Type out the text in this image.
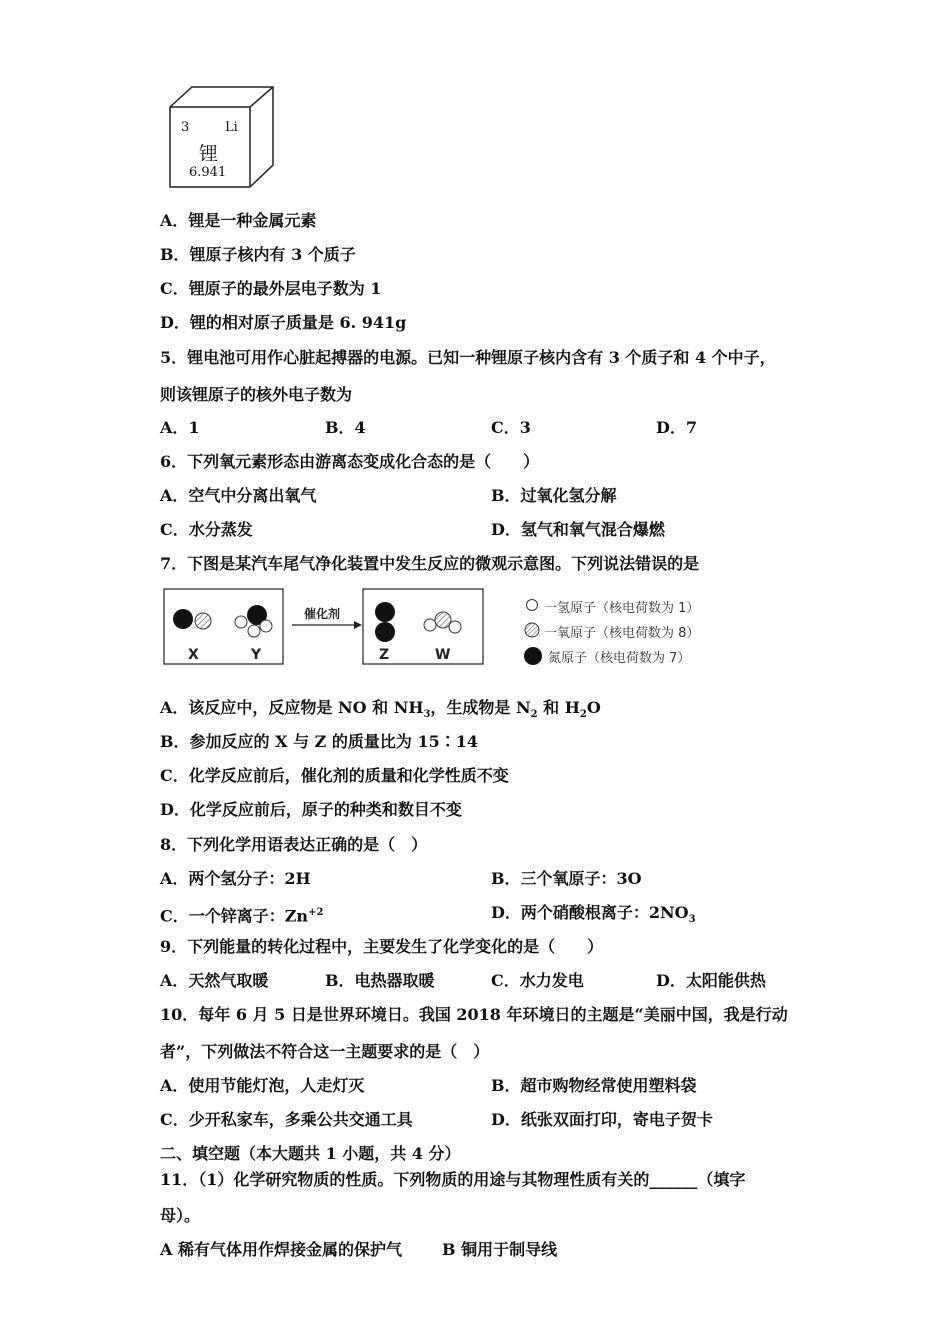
3	Li
锂
6.941
A．锂是一种金属元素
B．锂原子核内有 3 个质子
C．锂原子的最外层电子数为 1
D．锂的相对原子质量是 6. 941g
5．锂电池可用作心脏起搏器的电源。已知一种锂原子核内含有 3 个质子和 4 个中子，
则该锂原子的核外电子数为
A．1	B．4	C．3	D．7
6．下列氧元素形态由游离态变成化合态的是（　　）
A．空气中分离出氧气	B．过氧化氢分解
C．水分蒸发	D．氢气和氧气混合爆燃
7．下图是某汽车尾气净化装置中发生反应的微观示意图。下列说法错误的是
X	Y
催化剂
Z	W
一氢原子（核电荷数为 1）
一氧原子（核电荷数为 8）
氮原子（核电荷数为 7）
A．该反应中，反应物是 NO 和 $NH_3$，生成物是 $N_2$ 和 $H_2O$
B．参加反应的 X 与 Z 的质量比为 15∶14
C．化学反应前后，催化剂的质量和化学性质不变
D．化学反应前后，原子的种类和数目不变
8．下列化学用语表达正确的是（　）
A．两个氢分子：2H	B．三个氧原子：3O
C．一个锌离子：$Zn^{+2}$	D．两个硝酸根离子：$2NO_3$
9．下列能量的转化过程中，主要发生了化学变化的是（　　）
A．天然气取暖	B．电热器取暖	C．水力发电	D．太阳能供热
10．每年 6 月 5 日是世界环境日。我国 2018 年环境日的主题是“美丽中国，我是行动
者”，下列做法不符合这一主题要求的是（　）
A．使用节能灯泡，人走灯灭	B．超市购物经常使用塑料袋
C．少开私家车，多乘公共交通工具	D．纸张双面打印，寄电子贺卡
二、填空题（本大题共 1 小题，共 4 分）
11．（1）化学研究物质的性质。下列物质的用途与其物理性质有关的______（填字
母）。
A 稀有气体用作焊接金属的保护气	B 铜用于制导线
